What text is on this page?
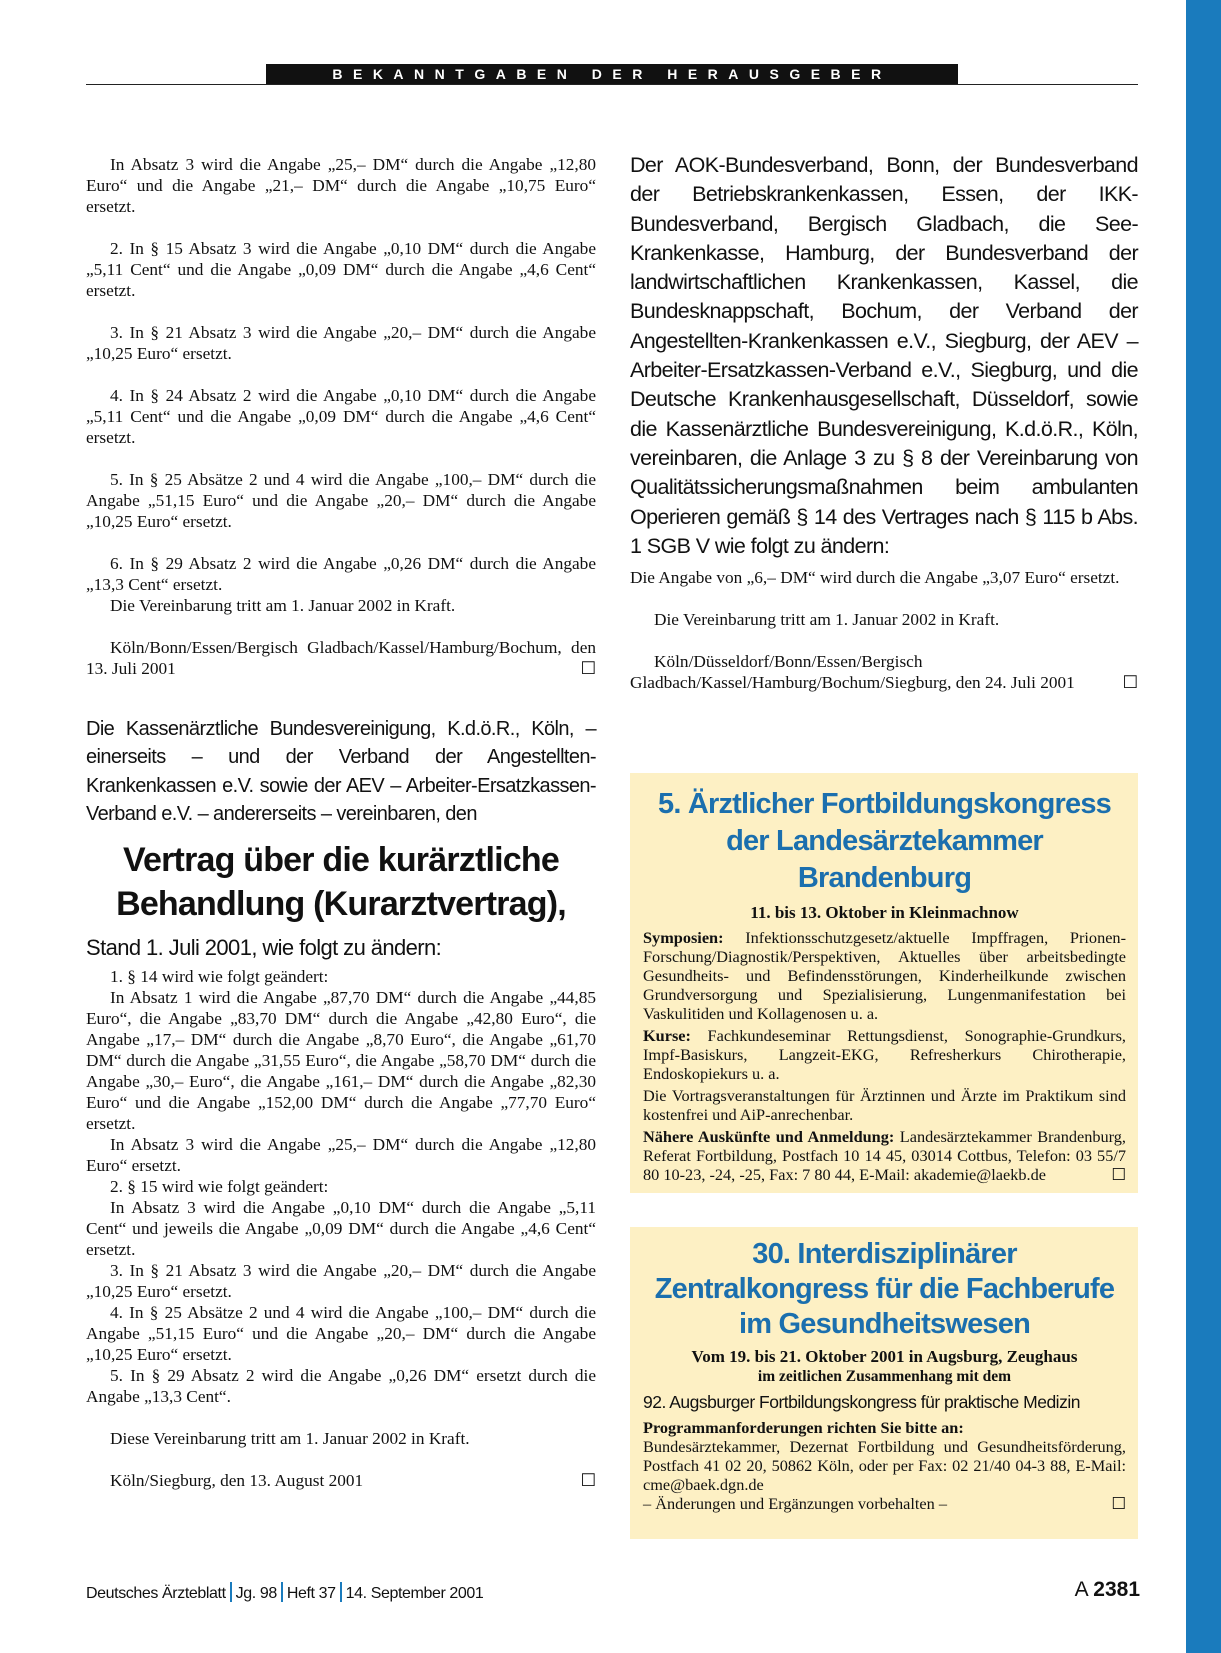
BEKANNTGABEN DER HERAUSGEBER

In Absatz 3 wird die Angabe „25,– DM“ durch die Angabe „12,80 Euro“ und die Angabe „21,– DM“ durch die Angabe „10,75 Euro“ ersetzt.

2. In § 15 Absatz 3 wird die Angabe „0,10 DM“ durch die Angabe „5,11 Cent“ und die Angabe „0,09 DM“ durch die Angabe „4,6 Cent“ ersetzt.

3. In § 21 Absatz 3 wird die Angabe „20,– DM“ durch die Angabe „10,25 Euro“ ersetzt.

4. In § 24 Absatz 2 wird die Angabe „0,10 DM“ durch die Angabe „5,11 Cent“ und die Angabe „0,09 DM“ durch die Angabe „4,6 Cent“ ersetzt.

5. In § 25 Absätze 2 und 4 wird die Angabe „100,– DM“ durch die Angabe „51,15 Euro“ und die Angabe „20,– DM“ durch die Angabe „10,25 Euro“ ersetzt.

6. In § 29 Absatz 2 wird die Angabe „0,26 DM“ durch die Angabe „13,3 Cent“ ersetzt.

Die Vereinbarung tritt am 1. Januar 2002 in Kraft.

Köln/Bonn/Essen/Bergisch Gladbach/Kassel/Hamburg/Bochum, den 13. Juli 2001	☐

Die Kassenärztliche Bundesvereinigung, K.d.ö.R., Köln, – einerseits – und der Verband der Angestellten-Krankenkassen e.V. sowie der AEV – Arbeiter-Ersatzkassen-Verband e.V. – andererseits – vereinbaren, den

Vertrag über die kurärztliche
Behandlung (Kurarztvertrag),

Stand 1. Juli 2001, wie folgt zu ändern:

1. § 14 wird wie folgt geändert:

In Absatz 1 wird die Angabe „87,70 DM“ durch die Angabe „44,85 Euro“, die Angabe „83,70 DM“ durch die Angabe „42,80 Euro“, die Angabe „17,– DM“ durch die Angabe „8,70 Euro“, die Angabe „61,70 DM“ durch die Angabe „31,55 Euro“, die Angabe „58,70 DM“ durch die Angabe „30,– Euro“, die Angabe „161,– DM“ durch die Angabe „82,30 Euro“ und die Angabe „152,00 DM“ durch die Angabe „77,70 Euro“ ersetzt.

In Absatz 3 wird die Angabe „25,– DM“ durch die Angabe „12,80 Euro“ ersetzt.

2. § 15 wird wie folgt geändert:

In Absatz 3 wird die Angabe „0,10 DM“ durch die Angabe „5,11 Cent“ und jeweils die Angabe „0,09 DM“ durch die Angabe „4,6 Cent“ ersetzt.

3. In § 21 Absatz 3 wird die Angabe „20,– DM“ durch die Angabe „10,25 Euro“ ersetzt.

4. In § 25 Absätze 2 und 4 wird die Angabe „100,– DM“ durch die Angabe „51,15 Euro“ und die Angabe „20,– DM“ durch die Angabe „10,25 Euro“ ersetzt.

5. In § 29 Absatz 2 wird die Angabe „0,26 DM“ ersetzt durch die Angabe „13,3 Cent“.

Diese Vereinbarung tritt am 1. Januar 2002 in Kraft.

Köln/Siegburg, den 13. August 2001	☐

Der AOK-Bundesverband, Bonn, der Bundesverband der Betriebskrankenkassen, Essen, der IKK-Bundesverband, Bergisch Gladbach, die See-Krankenkasse, Hamburg, der Bundesverband der landwirtschaftlichen Krankenkassen, Kassel, die Bundesknappschaft, Bochum, der Verband der Angestellten-Krankenkassen e.V., Siegburg, der AEV – Arbeiter-Ersatzkassen-Verband e.V., Siegburg, und die Deutsche Krankenhausgesellschaft, Düsseldorf, sowie die Kassenärztliche Bundesvereinigung, K.d.ö.R., Köln, vereinbaren, die Anlage 3 zu § 8 der Vereinbarung von Qualitätssicherungsmaßnahmen beim ambulanten Operieren gemäß § 14 des Vertrages nach § 115 b Abs. 1 SGB V wie folgt zu ändern:

Die Angabe von „6,– DM“ wird durch die Angabe „3,07 Euro“ ersetzt.

Die Vereinbarung tritt am 1. Januar 2002 in Kraft.

Köln/Düsseldorf/Bonn/Essen/Bergisch Gladbach/Kassel/Hamburg/Bochum/Siegburg, den 24. Juli 2001	☐

5. Ärztlicher Fortbildungskongress
der Landesärztekammer Brandenburg

11. bis 13. Oktober in Kleinmachnow

Symposien: Infektionsschutzgesetz/aktuelle Impffragen, Prionen-Forschung/Diagnostik/Perspektiven, Aktuelles über arbeitsbedingte Gesundheits- und Befindensstörungen, Kinderheilkunde zwischen Grundversorgung und Spezialisierung, Lungenmanifestation bei Vaskulitiden und Kollagenosen u. a.

Kurse: Fachkundeseminar Rettungsdienst, Sonographie-Grundkurs, Impf-Basiskurs, Langzeit-EKG, Refresherkurs Chirotherapie, Endoskopiekurs u. a.

Die Vortragsveranstaltungen für Ärztinnen und Ärzte im Praktikum sind kostenfrei und AiP-anrechenbar.

Nähere Auskünfte und Anmeldung: Landesärztekammer Brandenburg, Referat Fortbildung, Postfach 10 14 45, 03014 Cottbus, Telefon: 03 55/7 80 10-23, -24, -25, Fax: 7 80 44, E-Mail: akademie@laekb.de	☐

30. Interdisziplinärer
Zentralkongress für die Fachberufe
im Gesundheitswesen

Vom 19. bis 21. Oktober 2001 in Augsburg, Zeughaus

im zeitlichen Zusammenhang mit dem

92. Augsburger Fortbildungskongress für praktische Medizin

Programmanforderungen richten Sie bitte an:

Bundesärztekammer, Dezernat Fortbildung und Gesundheitsförderung, Postfach 41 02 20, 50862 Köln, oder per Fax: 02 21/40 04-3 88, E-Mail: cme@baek.dgn.de

– Änderungen und Ergänzungen vorbehalten –	☐

Deutsches Ärzteblatt Jg. 98 Heft 37 14. September 2001	A 2381
